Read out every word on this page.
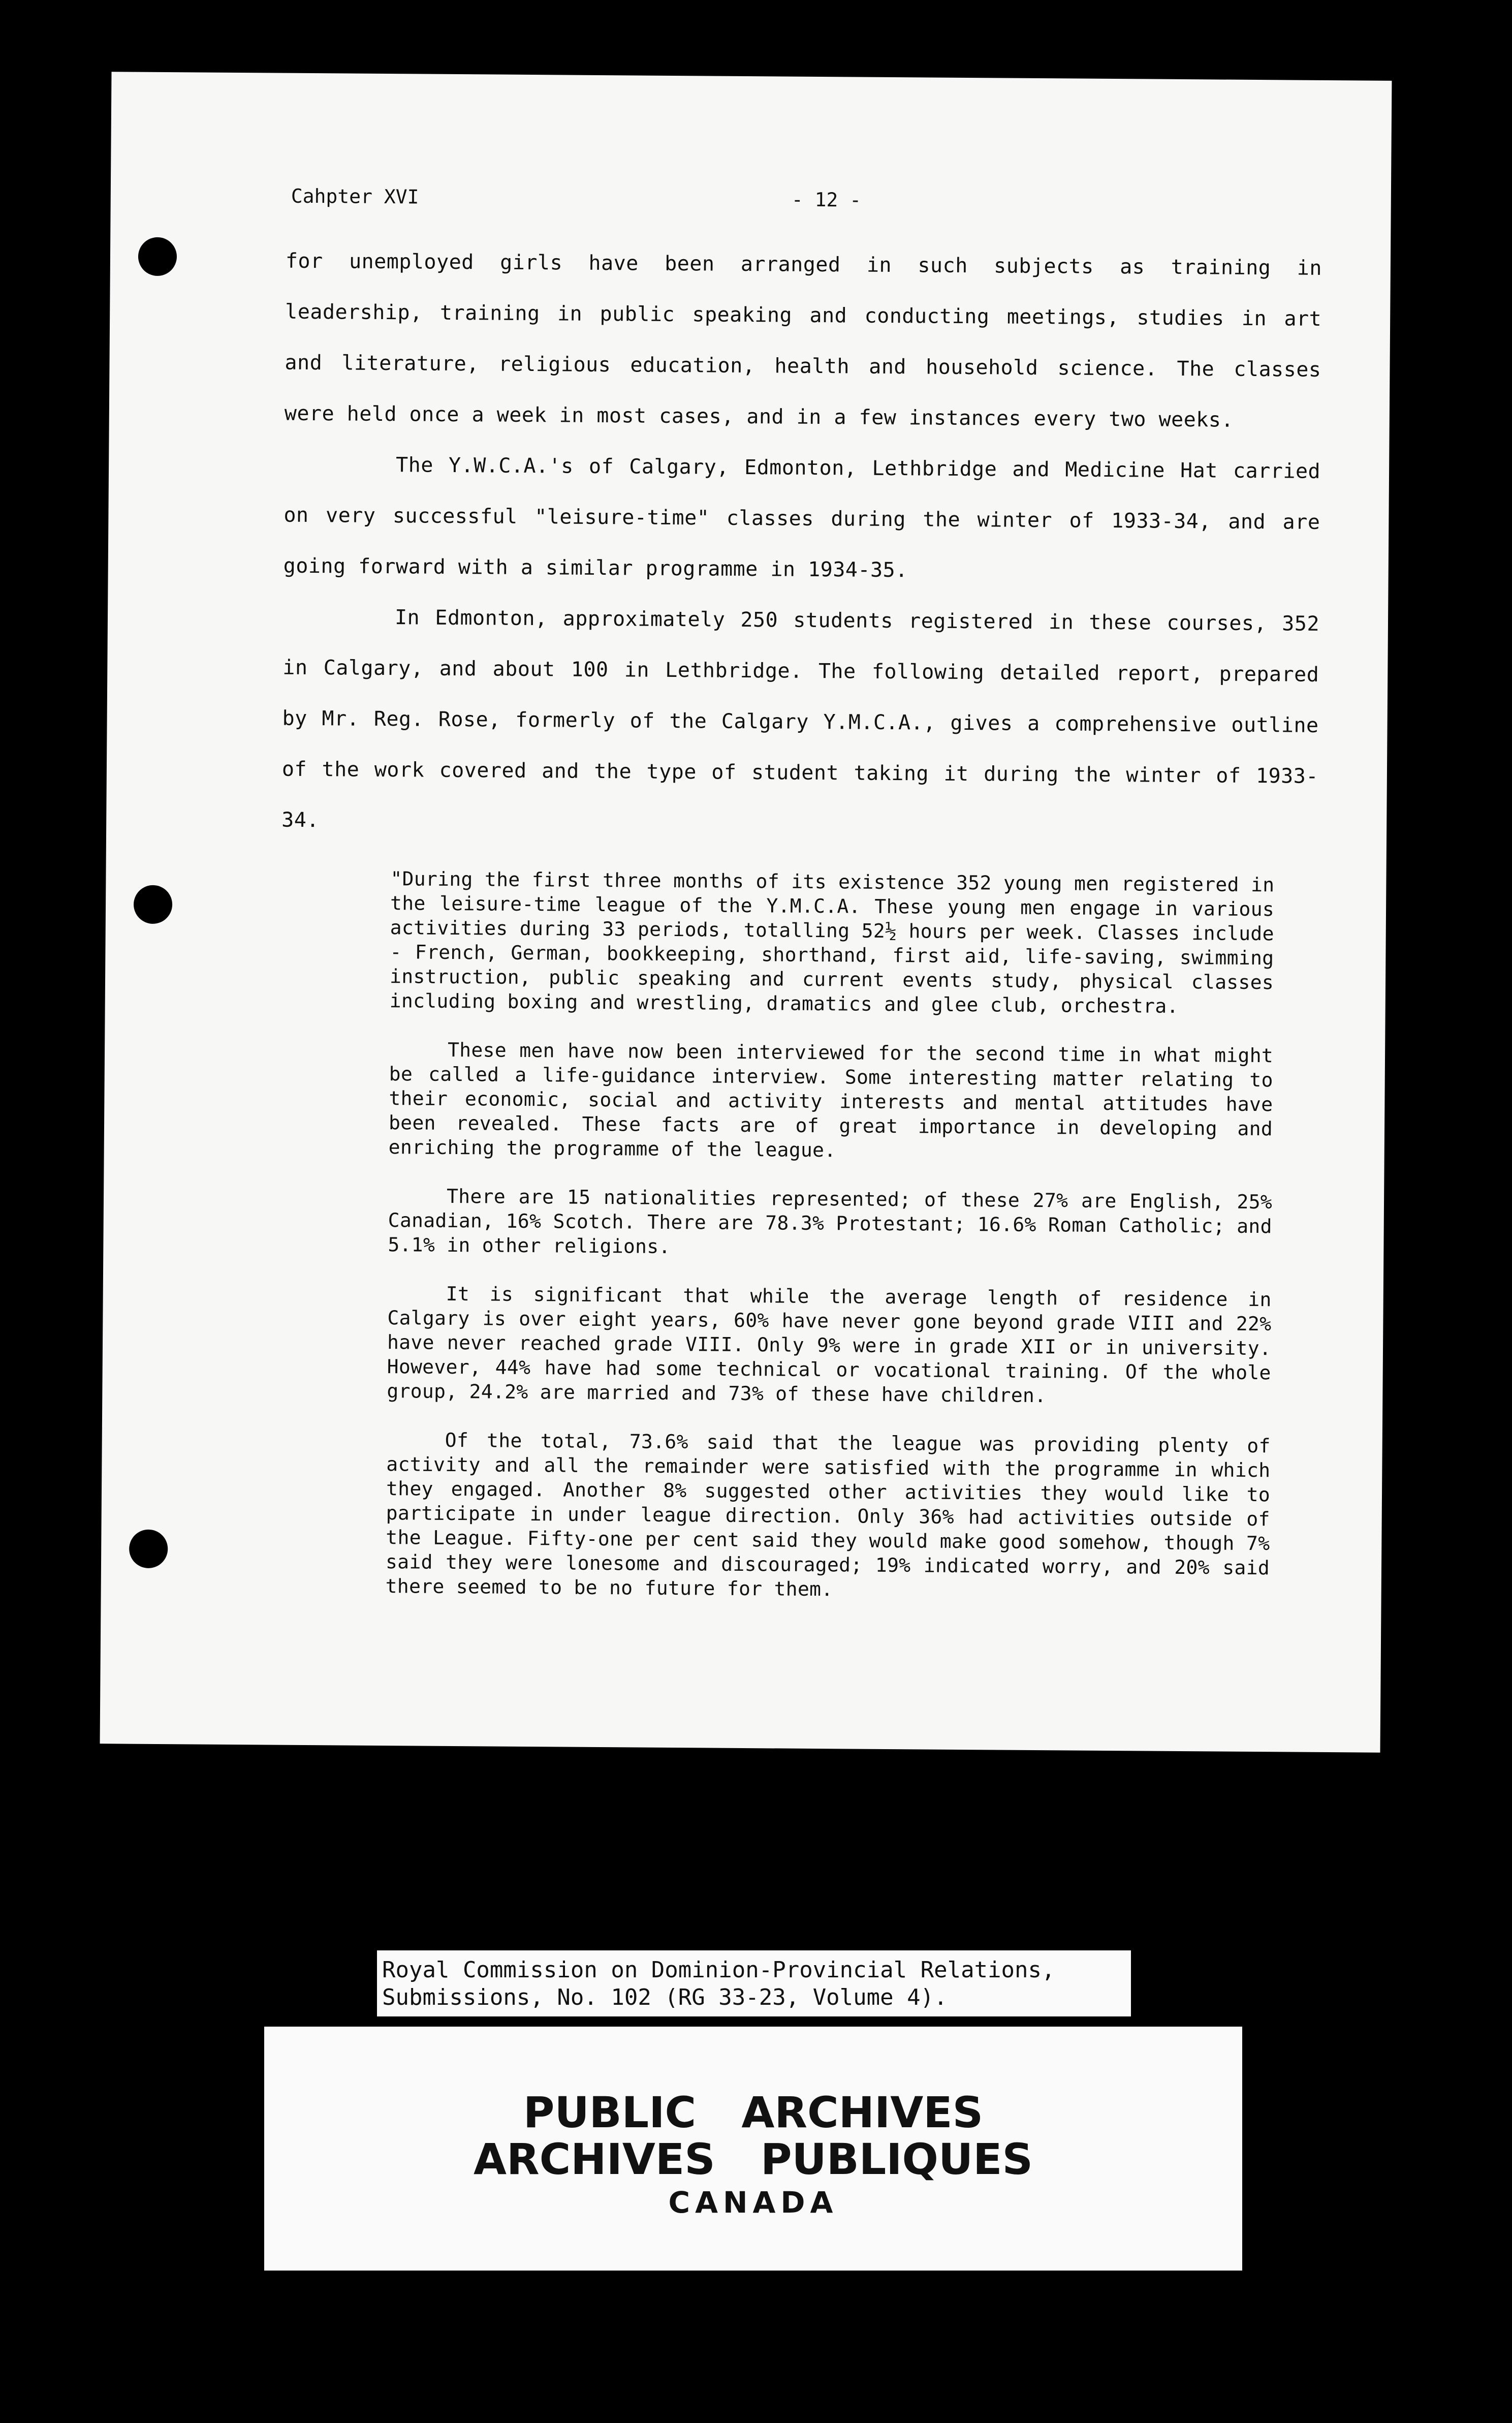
Cahpter XVI	- 12 -

for unemployed girls have been arranged in such subjects as training in leadership, training in public speaking and conducting meetings, studies in art and literature, religious education, health and household science. The classes were held once a week in most cases, and in a few instances every two weeks.

The Y.W.C.A.'s of Calgary, Edmonton, Lethbridge and Medicine Hat carried on very successful "leisure-time" classes during the winter of 1933-34, and are going forward with a similar programme in 1934-35.

In Edmonton, approximately 250 students registered in these courses, 352 in Calgary, and about 100 in Lethbridge. The following detailed report, prepared by Mr. Reg. Rose, formerly of the Calgary Y.M.C.A., gives a comprehensive outline of the work covered and the type of student taking it during the winter of 1933-34.

"During the first three months of its existence 352 young men registered in the leisure-time league of the Y.M.C.A. These young men engage in various activities during 33 periods, totalling 52½ hours per week. Classes include - French, German, bookkeeping, shorthand, first aid, life-saving, swimming instruction, public speaking and current events study, physical classes including boxing and wrestling, dramatics and glee club, orchestra.

These men have now been interviewed for the second time in what might be called a life-guidance interview. Some interesting matter relating to their economic, social and activity interests and mental attitudes have been revealed. These facts are of great importance in developing and enriching the programme of the league.

There are 15 nationalities represented; of these 27% are English, 25% Canadian, 16% Scotch. There are 78.3% Protestant; 16.6% Roman Catholic; and 5.1% in other religions.

It is significant that while the average length of residence in Calgary is over eight years, 60% have never gone beyond grade VIII and 22% have never reached grade VIII. Only 9% were in grade XII or in university. However, 44% have had some technical or vocational training. Of the whole group, 24.2% are married and 73% of these have children.

Of the total, 73.6% said that the league was providing plenty of activity and all the remainder were satisfied with the programme in which they engaged. Another 8% suggested other activities they would like to participate in under league direction. Only 36% had activities outside of the League. Fifty-one per cent said they would make good somehow, though 7% said they were lonesome and discouraged; 19% indicated worry, and 20% said there seemed to be no future for them.

Royal Commission on Dominion-Provincial Relations,
Submissions, No. 102 (RG 33-23, Volume 4).
PUBLIC ARCHIVES
ARCHIVES PUBLIQUES
CANADA
